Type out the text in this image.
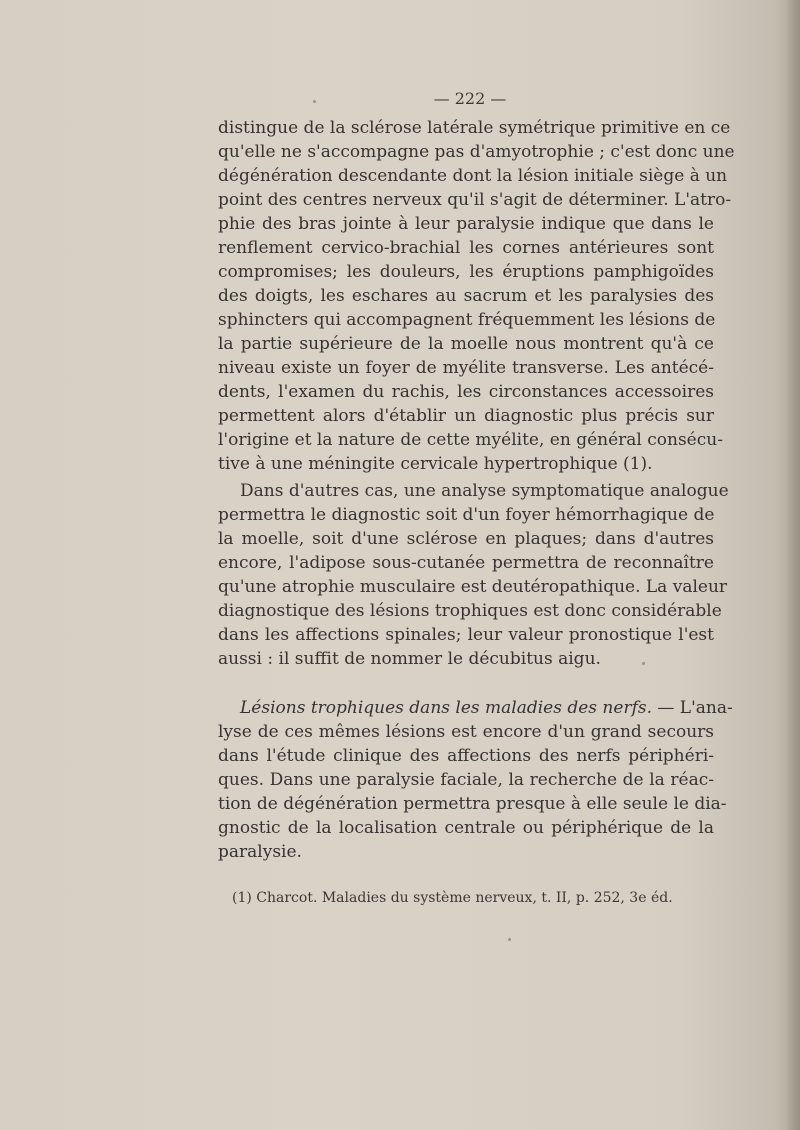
— 222 —

distingue de la sclérose latérale symétrique primitive en ce

qu'elle ne s'accompagne pas d'amyotrophie ; c'est donc une

dégénération descendante dont la lésion initiale siège à un

point des centres nerveux qu'il s'agit de déterminer. L'atro-

phie des bras jointe à leur paralysie indique que dans le

renflement cervico-brachial les cornes antérieures sont

compromises; les douleurs, les éruptions pamphigoïdes

des doigts, les eschares au sacrum et les paralysies des

sphincters qui accompagnent fréquemment les lésions de

la partie supérieure de la moelle nous montrent qu'à ce

niveau existe un foyer de myélite transverse. Les antécé-

dents, l'examen du rachis, les circonstances accessoires

permettent alors d'établir un diagnostic plus précis sur

l'origine et la nature de cette myélite, en général consécu-

tive à une méningite cervicale hypertrophique (1).

Dans d'autres cas, une analyse symptomatique analogue

permettra le diagnostic soit d'un foyer hémorrhagique de

la moelle, soit d'une sclérose en plaques; dans d'autres

encore, l'adipose sous-cutanée permettra de reconnaître

qu'une atrophie musculaire est deutéropathique. La valeur

diagnostique des lésions trophiques est donc considérable

dans les affections spinales; leur valeur pronostique l'est

aussi : il suffit de nommer le décubitus aigu.

Lésions trophiques dans les maladies des nerfs. — L'ana-

lyse de ces mêmes lésions est encore d'un grand secours

dans l'étude clinique des affections des nerfs périphéri-

ques. Dans une paralysie faciale, la recherche de la réac-

tion de dégénération permettra presque à elle seule le dia-

gnostic de la localisation centrale ou périphérique de la

paralysie.

(1) Charcot. Maladies du système nerveux, t. II, p. 252, 3e éd.
